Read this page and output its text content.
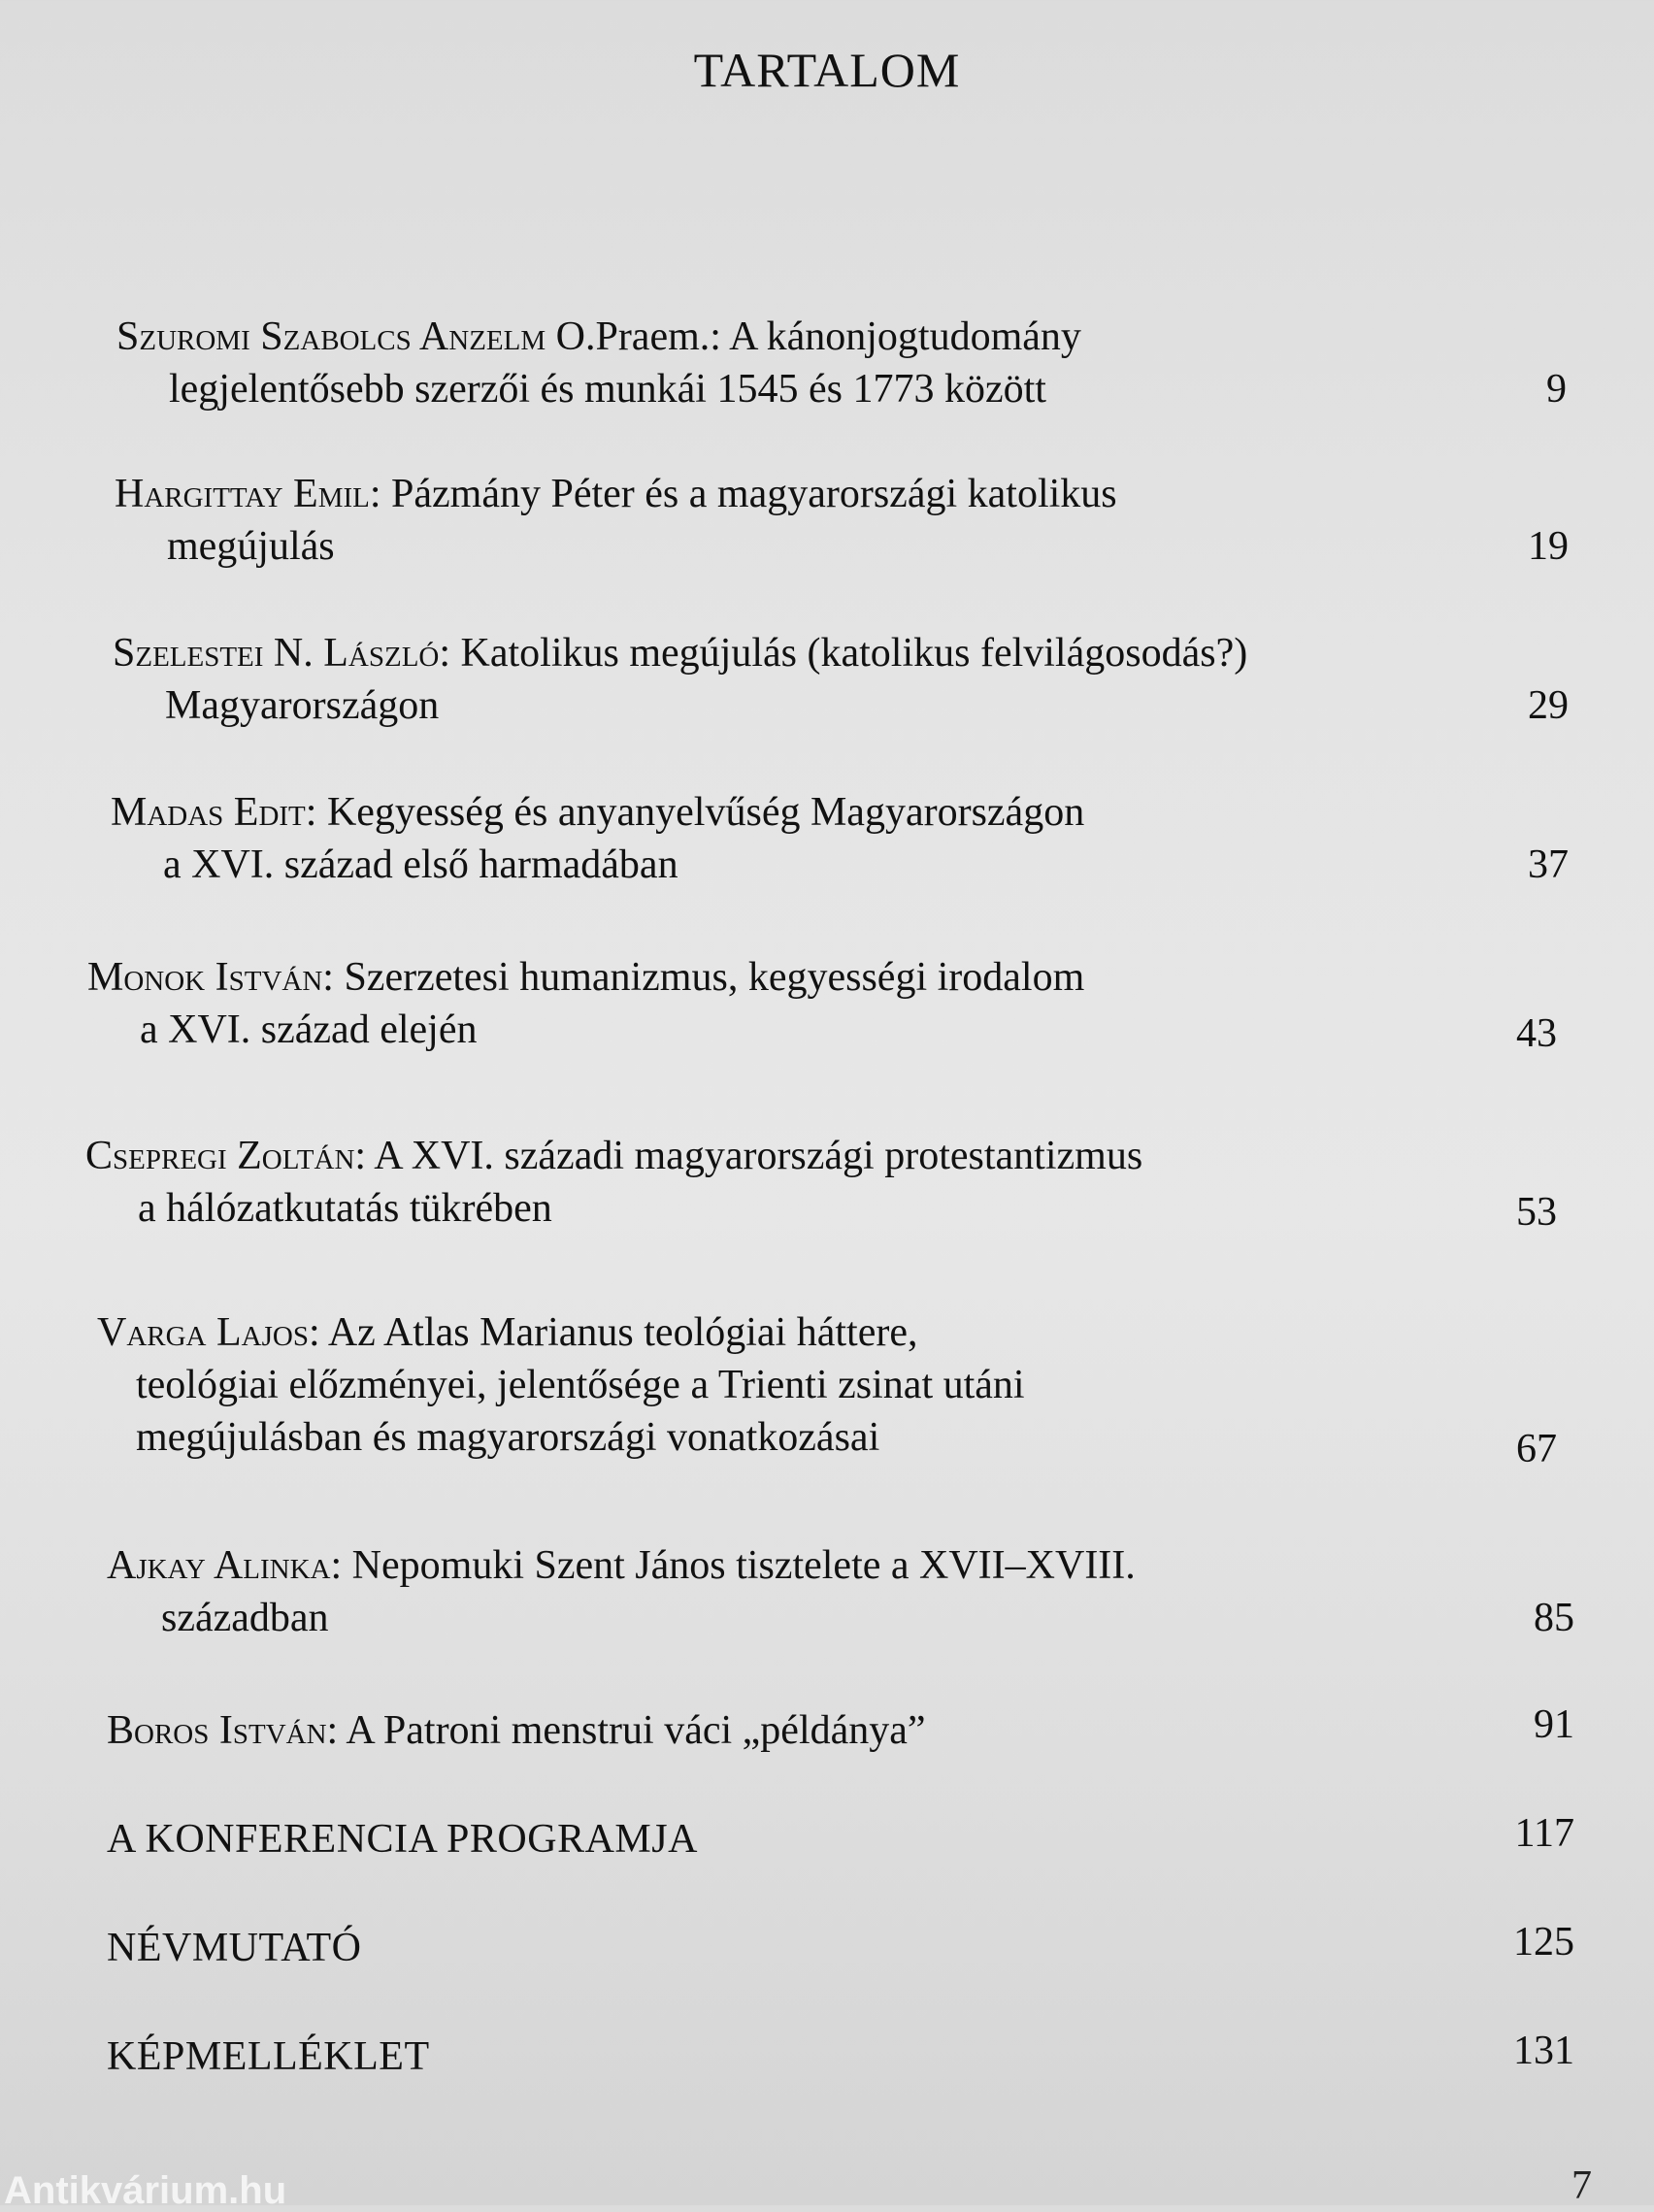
TARTALOM
Szuromi Szabolcs Anzelm O.Praem.: A kánonjogtudomány
legjelentősebb szerzői és munkái 1545 és 1773 között	9
Hargittay Emil: Pázmány Péter és a magyarországi katolikus
megújulás	19
Szelestei N. László: Katolikus megújulás (katolikus felvilágosodás?)
Magyarországon	29
Madas Edit: Kegyesség és anyanyelvűség Magyarországon
a XVI. század első harmadában	37
Monok István: Szerzetesi humanizmus, kegyességi irodalom
a XVI. század elején	43
Csepregi Zoltán: A XVI. századi magyarországi protestantizmus
a hálózatkutatás tükrében	53
Varga Lajos: Az Atlas Marianus teológiai háttere,
teológiai előzményei, jelentősége a Trienti zsinat utáni
megújulásban és magyarországi vonatkozásai	67
Ajkay Alinka: Nepomuki Szent János tisztelete a XVII–XVIII.
században	85
Boros István: A Patroni menstrui váci „példánya”	91
A KONFERENCIA PROGRAMJA	117
NÉVMUTATÓ	125
KÉPMELLÉKLET	131
7
Antikvárium.hu
